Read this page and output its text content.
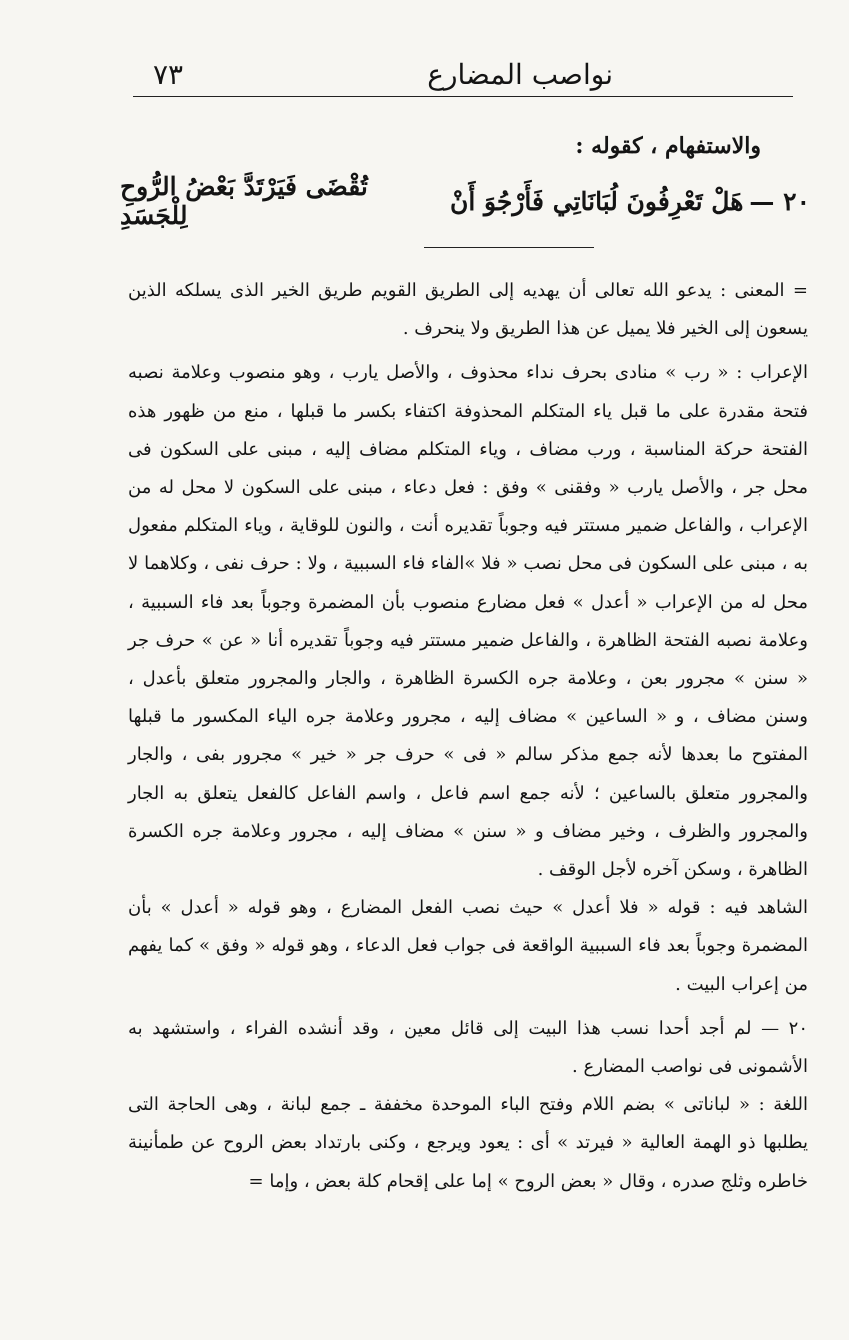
نواصب المضارع
٧٣
والاستفهام ، كقوله :
٢٠ —
هَلْ تَعْرِفُونَ لُبَانَاتِي فَأَرْجُوَ أَنْ
تُقْضَى فَيَرْتَدَّ بَعْضُ الرُّوحِ لِلْجَسَدِ

= المعنى : يدعو الله تعالى أن يهديه إلى الطريق القويم طريق الخير الذى يسلكه الذين يسعون إلى الخير فلا يميل عن هذا الطريق ولا ينحرف .

الإعراب : « رب » منادى بحرف نداء محذوف ، والأصل يارب ، وهو منصوب وعلامة نصبه فتحة مقدرة على ما قبل ياء المتكلم المحذوفة اكتفاء بكسر ما قبلها ، منع من ظهور هذه الفتحة حركة المناسبة ، ورب مضاف ، وياء المتكلم مضاف إليه ، مبنى على السكون فى محل جر ، والأصل يارب « وفقنى » وفق : فعل دعاء ، مبنى على السكون لا محل له من الإعراب ، والفاعل ضمير مستتر فيه وجوباً تقديره أنت ، والنون للوقاية ، وياء المتكلم مفعول به ، مبنى على السكون فى محل نصب « فلا »الفاء فاء السببية ، ولا : حرف نفى ، وكلاهما لا محل له من الإعراب « أعدل » فعل مضارع منصوب بأن المضمرة وجوباً بعد فاء السببية ، وعلامة نصبه الفتحة الظاهرة ، والفاعل ضمير مستتر فيه وجوباً تقديره أنا « عن » حرف جر « سنن » مجرور بعن ، وعلامة جره الكسرة الظاهرة ، والجار والمجرور متعلق بأعدل ، وسنن مضاف ، و « الساعين » مضاف إليه ، مجرور وعلامة جره الياء المكسور ما قبلها المفتوح ما بعدها لأنه جمع مذكر سالم « فى » حرف جر « خير » مجرور بفى ، والجار والمجرور متعلق بالساعين ؛ لأنه جمع اسم فاعل ، واسم الفاعل كالفعل يتعلق به الجار والمجرور والظرف ، وخير مضاف و « سنن » مضاف إليه ، مجرور وعلامة جره الكسرة الظاهرة ، وسكن آخره لأجل الوقف .

الشاهد فيه : قوله « فلا أعدل » حيث نصب الفعل المضارع ، وهو قوله « أعدل » بأن المضمرة وجوباً بعد فاء السببية الواقعة فى جواب فعل الدعاء ، وهو قوله « وفق » كما يفهم من إعراب البيت .

٢٠ — لم أجد أحدا نسب هذا البيت إلى قائل معين ، وقد أنشده الفراء ، واستشهد به الأشمونى فى نواصب المضارع .

اللغة : « لباناتى » بضم اللام وفتح الباء الموحدة مخففة ـ جمع لبانة ، وهى الحاجة التى يطلبها ذو الهمة العالية « فيرتد » أى : يعود ويرجع ، وكنى بارتداد بعض الروح عن طمأنينة خاطره وثلج صدره ، وقال « بعض الروح » إما على إقحام كلة بعض ، وإما =
